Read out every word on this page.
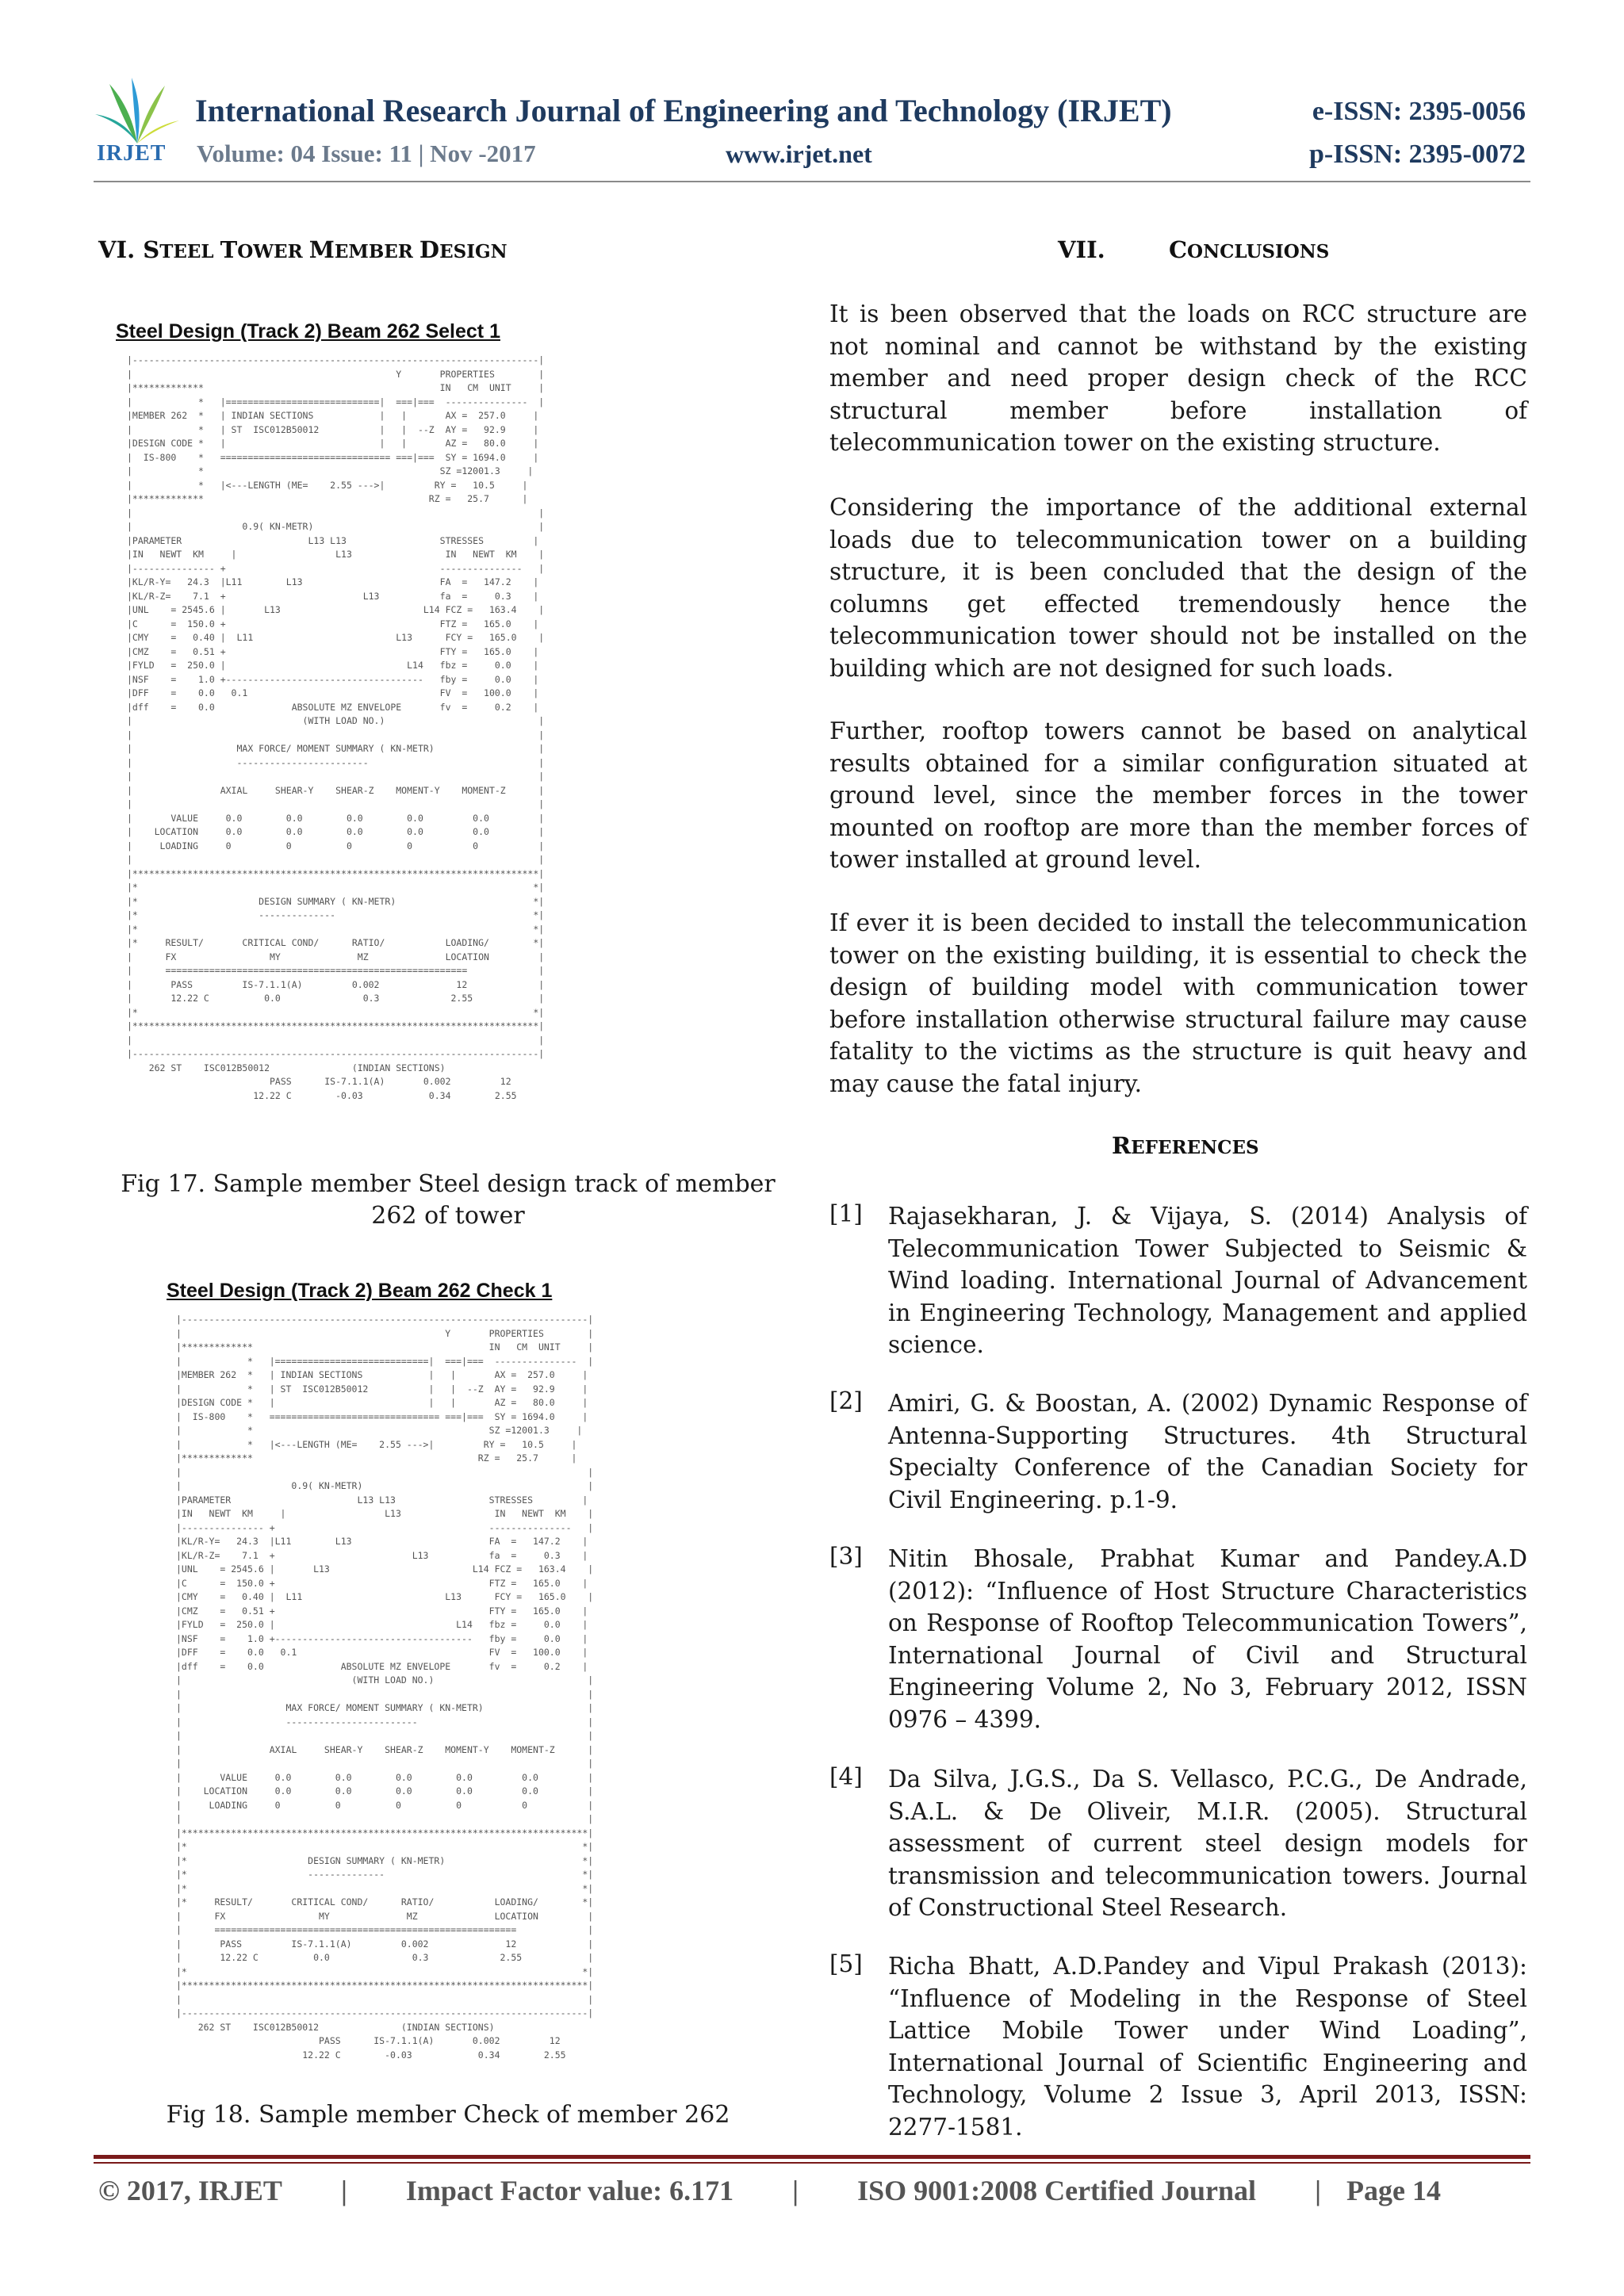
IRJET
International Research Journal of Engineering and Technology (IRJET)
Volume: 04 Issue: 11 | Nov -2017	www.irjet.net
e-ISSN: 2395-0056
p-ISSN: 2395-0072
VI. STEEL TOWER MEMBER DESIGN
Steel Design (Track 2) Beam 262 Select 1
|--------------------------------------------------------------------------|
|                                                Y       PROPERTIES        |
|*************                                           IN   CM  UNIT     |
|            *   |============================|  ===|===  ---------------  |
|MEMBER 262  *   | INDIAN SECTIONS            |   |       AX =  257.0     |
|            *   | ST  ISC012B50012           |   |  --Z  AY =   92.9     |
|DESIGN CODE *   |                            |   |       AZ =   80.0     |
|  IS-800    *   =============================== ===|===  SY = 1694.0     |
|            *                                           SZ =12001.3     |
|            *   |<---LENGTH (ME=    2.55 --->|         RY =   10.5     |
|*************                                         RZ =   25.7      |
|                                                                          |
|                    0.9( KN-METR)                                         |
|PARAMETER                       L13 L13                 STRESSES         |
|IN   NEWT  KM     |                  L13                 IN   NEWT  KM    |
|--------------- +                                       ---------------   |
|KL/R-Y=   24.3  |L11        L13                         FA  =   147.2    |
|KL/R-Z=    7.1  +                         L13           fa  =     0.3    |
|UNL    = 2545.6 |       L13                          L14 FCZ =   163.4    |
|C      =  150.0 +                                       FTZ =   165.0    |
|CMY    =   0.40 |  L11                          L13      FCY =   165.0    |
|CMZ    =   0.51 +                                       FTY =   165.0    |
|FYLD   =  250.0 |                                 L14   fbz =     0.0    |
|NSF    =    1.0 +------------------------------------   fby =     0.0    |
|DFF    =    0.0   0.1                                   FV  =   100.0    |
|dff    =    0.0              ABSOLUTE MZ ENVELOPE       fv  =     0.2    |
|                               (WITH LOAD NO.)                            |
|                                                                          |
|                   MAX FORCE/ MOMENT SUMMARY ( KN-METR)                   |
|                   ------------------------                               |
|                                                                          |
|                AXIAL     SHEAR-Y    SHEAR-Z    MOMENT-Y    MOMENT-Z      |
|                                                                          |
|       VALUE     0.0        0.0        0.0        0.0         0.0         |
|    LOCATION     0.0        0.0        0.0        0.0         0.0         |
|     LOADING     0          0          0          0           0           |
|                                                                          |
|**************************************************************************|
|*                                                                        *|
|*                      DESIGN SUMMARY ( KN-METR)                         *|
|*                      --------------                                    *|
|*                                                                        *|
|*     RESULT/       CRITICAL COND/      RATIO/           LOADING/        *|
|      FX                 MY              MZ              LOCATION         |
|      =======================================================             |
|       PASS         IS-7.1.1(A)         0.002              12             |
|       12.22 C          0.0               0.3             2.55            |
|*                                                                        *|
|**************************************************************************|
|                                                                          |
|--------------------------------------------------------------------------|
262 ST    ISC012B50012               (INDIAN SECTIONS)
PASS      IS-7.1.1(A)       0.002         12
12.22 C        -0.03            0.34        2.55
Fig 17. Sample member Steel design track of member 262 of tower
Steel Design (Track 2) Beam 262 Check 1
|--------------------------------------------------------------------------|
|                                                Y       PROPERTIES        |
|*************                                           IN   CM  UNIT     |
|            *   |============================|  ===|===  ---------------  |
|MEMBER 262  *   | INDIAN SECTIONS            |   |       AX =  257.0     |
|            *   | ST  ISC012B50012           |   |  --Z  AY =   92.9     |
|DESIGN CODE *   |                            |   |       AZ =   80.0     |
|  IS-800    *   =============================== ===|===  SY = 1694.0     |
|            *                                           SZ =12001.3     |
|            *   |<---LENGTH (ME=    2.55 --->|         RY =   10.5     |
|*************                                         RZ =   25.7      |
|                                                                          |
|                    0.9( KN-METR)                                         |
|PARAMETER                       L13 L13                 STRESSES         |
|IN   NEWT  KM     |                  L13                 IN   NEWT  KM    |
|--------------- +                                       ---------------   |
|KL/R-Y=   24.3  |L11        L13                         FA  =   147.2    |
|KL/R-Z=    7.1  +                         L13           fa  =     0.3    |
|UNL    = 2545.6 |       L13                          L14 FCZ =   163.4    |
|C      =  150.0 +                                       FTZ =   165.0    |
|CMY    =   0.40 |  L11                          L13      FCY =   165.0    |
|CMZ    =   0.51 +                                       FTY =   165.0    |
|FYLD   =  250.0 |                                 L14   fbz =     0.0    |
|NSF    =    1.0 +------------------------------------   fby =     0.0    |
|DFF    =    0.0   0.1                                   FV  =   100.0    |
|dff    =    0.0              ABSOLUTE MZ ENVELOPE       fv  =     0.2    |
|                               (WITH LOAD NO.)                            |
|                                                                          |
|                   MAX FORCE/ MOMENT SUMMARY ( KN-METR)                   |
|                   ------------------------                               |
|                                                                          |
|                AXIAL     SHEAR-Y    SHEAR-Z    MOMENT-Y    MOMENT-Z      |
|                                                                          |
|       VALUE     0.0        0.0        0.0        0.0         0.0         |
|    LOCATION     0.0        0.0        0.0        0.0         0.0         |
|     LOADING     0          0          0          0           0           |
|                                                                          |
|**************************************************************************|
|*                                                                        *|
|*                      DESIGN SUMMARY ( KN-METR)                         *|
|*                      --------------                                    *|
|*                                                                        *|
|*     RESULT/       CRITICAL COND/      RATIO/           LOADING/        *|
|      FX                 MY              MZ              LOCATION         |
|      =======================================================             |
|       PASS         IS-7.1.1(A)         0.002              12             |
|       12.22 C          0.0               0.3             2.55            |
|*                                                                        *|
|**************************************************************************|
|                                                                          |
|--------------------------------------------------------------------------|
262 ST    ISC012B50012               (INDIAN SECTIONS)
PASS      IS-7.1.1(A)       0.002         12
12.22 C        -0.03            0.34        2.55
Fig 18. Sample member Check of member 262
VII.	CONCLUSIONS
It is been observed that the loads on RCC structure are not nominal and cannot be withstand by the existing member and need proper design check of the RCC structural member before installation of telecommunication tower on the existing structure.
Considering the importance of the additional external loads due to telecommunication tower on a building structure, it is been concluded that the design of the columns get effected tremendously hence the telecommunication tower should not be installed on the building which are not designed for such loads.
Further, rooftop towers cannot be based on analytical results obtained for a similar configuration situated at ground level, since the member forces in the tower mounted on rooftop are more than the member forces of tower installed at ground level.
If ever it is been decided to install the telecommunication tower on the existing building, it is essential to check the design of building model with communication tower before installation otherwise structural failure may cause fatality to the victims as the structure is quit heavy and may cause the fatal injury.
REFERENCES
[1] Rajasekharan, J. & Vijaya, S. (2014) Analysis of Telecommunication Tower Subjected to Seismic & Wind loading. International Journal of Advancement in Engineering Technology, Management and applied science.
[2] Amiri, G. & Boostan, A. (2002) Dynamic Response of Antenna-Supporting Structures. 4th Structural Specialty Conference of the Canadian Society for Civil Engineering. p.1-9.
[3] Nitin Bhosale, Prabhat Kumar and Pandey.A.D (2012): “Influence of Host Structure Characteristics on Response of Rooftop Telecommunication Towers”, International Journal of Civil and Structural Engineering Volume 2, No 3, February 2012, ISSN 0976 – 4399.
[4] Da Silva, J.G.S., Da S. Vellasco, P.C.G., De Andrade, S.A.L. & De Oliveir, M.I.R. (2005). Structural assessment of current steel design models for transmission and telecommunication towers. Journal of Constructional Steel Research.
[5] Richa Bhatt, A.D.Pandey and Vipul Prakash (2013): “Influence of Modeling in the Response of Steel Lattice Mobile Tower under Wind Loading”, International Journal of Scientific Engineering and Technology, Volume 2 Issue 3, April 2013, ISSN: 2277-1581.
© 2017, IRJET | Impact Factor value: 6.171 | ISO 9001:2008 Certified Journal | Page 14
